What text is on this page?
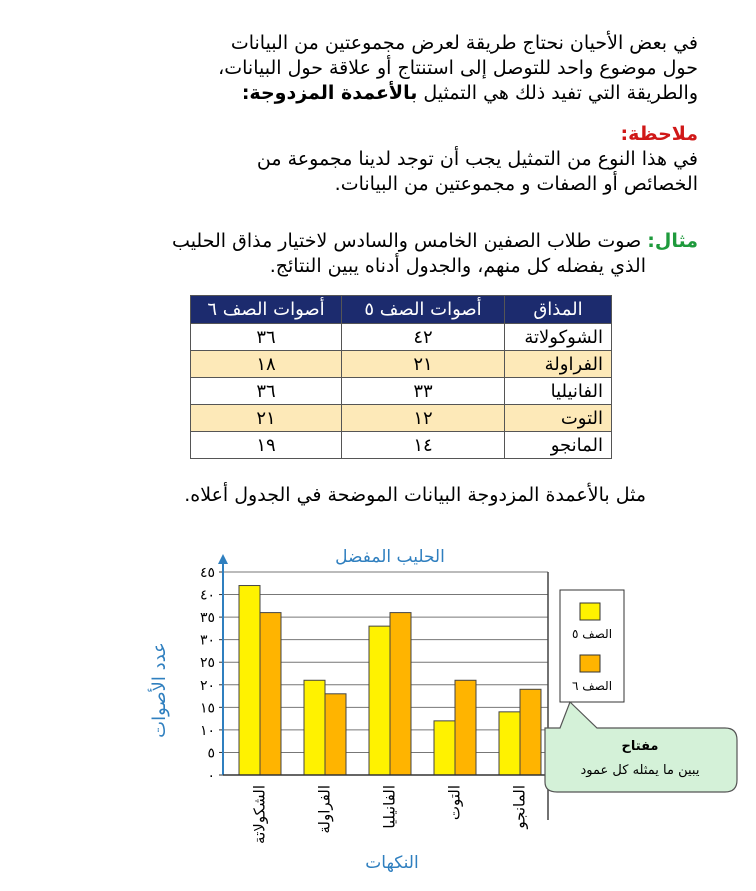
في بعض الأحيان نحتاج طريقة لعرض مجموعتين من البيانات
حول موضوع واحد للتوصل إلى استنتاج أو علاقة حول البيانات،
والطريقة التي تفيد ذلك هي التمثيل بالأعمدة المزدوجة:
ملاحظة:
في هذا النوع من التمثيل يجب أن توجد لدينا مجموعة من
الخصائص أو الصفات و مجموعتين من البيانات.
مثال: صوت طلاب الصفين الخامس والسادس لاختيار مذاق الحليب
الذي يفضله كل منهم، والجدول أدناه يبين النتائج.
المذاق	أصوات الصف ٥	أصوات الصف ٦
الشوكولاتة	٤٢	٣٦
الفراولة	٢١	١٨
الفانيليا	٣٣	٣٦
التوت	١٢	٢١
المانجو	١٤	١٩
مثل بالأعمدة المزدوجة البيانات الموضحة في الجدول أعلاه.
الحليب المفضل
عدد الأصوات
النكهات
٠
٥
١٠
١٥
٢٠
٢٥
٣٠
٣٥
٤٠
٤٥
الشكولاتة	الفراولة	الفانيليا	التوت	المانجو
الصف ٥
الصف ٦
مفتاح
يبين ما يمثله كل عمود
